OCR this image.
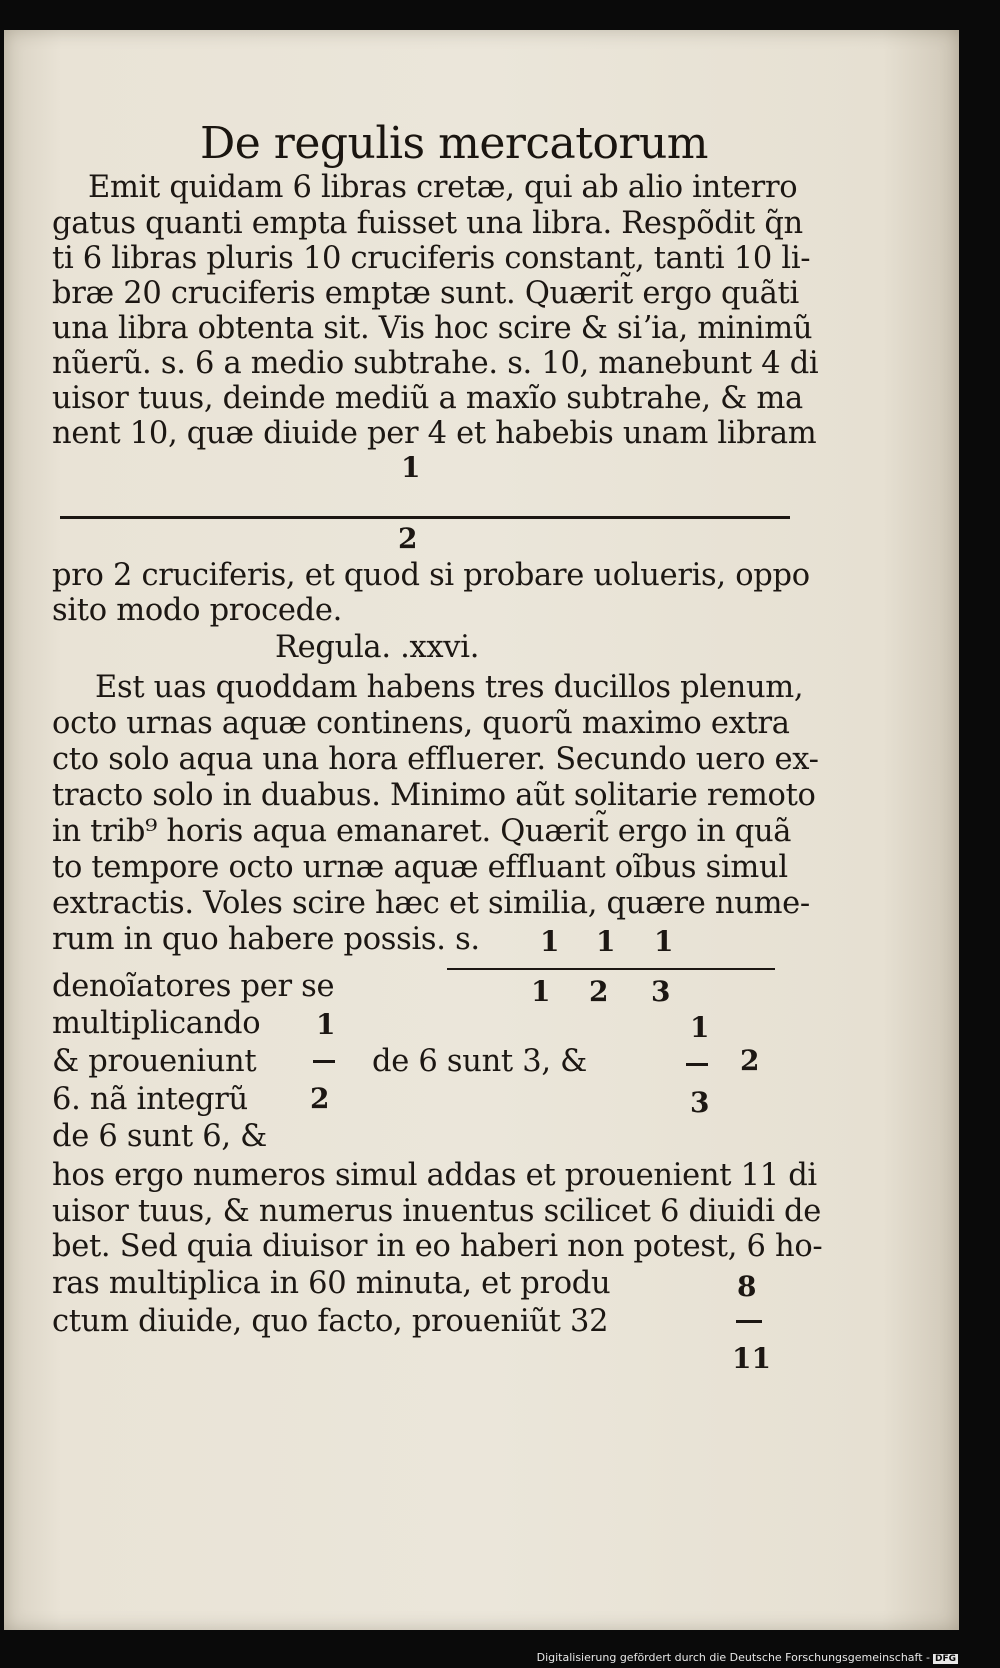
De regulis mercatorum
Emit quidam 6 libras cretæ, qui ab alio interro
gatus quanti empta fuisset una libra. Respõdit q̃n
ti 6 libras pluris 10 cruciferis constant, tanti 10 li-
bræ 20 cruciferis emptæ sunt. Quærit̃ ergo quãti
una libra obtenta sit. Vis hoc scire & siʼia, minimũ
nũerũ. s. 6 a medio subtrahe. s. 10, manebunt 4 di
uisor tuus, deinde mediũ a maxĩo subtrahe, & ma
nent 10, quæ diuide per 4 et habebis unam libram
1
2
pro 2 cruciferis, et quod si probare uolueris, oppo
sito modo procede.
Regula. .xxvi.
Est uas quoddam habens tres ducillos plenum,
octo urnas aquæ continens, quorũ maximo extra
cto solo aqua una hora effluerer. Secundo uero ex-
tracto solo in duabus. Minimo aũt solitarie remoto
in trib⁹ horis aqua emanaret. Quærit̃ ergo in quã
to tempore octo urnæ aquæ effluant oĩbus simul
extractis. Voles scire hæc et similia, quære nume-
rum in quo habere possis. s. 1 1 1
1 2 3
denoĩatores per se
multiplicando
& proueniunt
6. nã integrũ
de 6 sunt 6, &
1
2
de 6 sunt 3, &
1
3
2
hos ergo numeros simul addas et prouenient 11 di
uisor tuus, & numerus inuentus scilicet 6 diuidi de
bet. Sed quia diuisor in eo haberi non potest, 6 ho-
ras multiplica in 60 minuta, et produ
ctum diuide, quo facto, proueniũt 32
8
11
Digitalisierung gefördert durch die Deutsche Forschungsgemeinschaft - DFG
